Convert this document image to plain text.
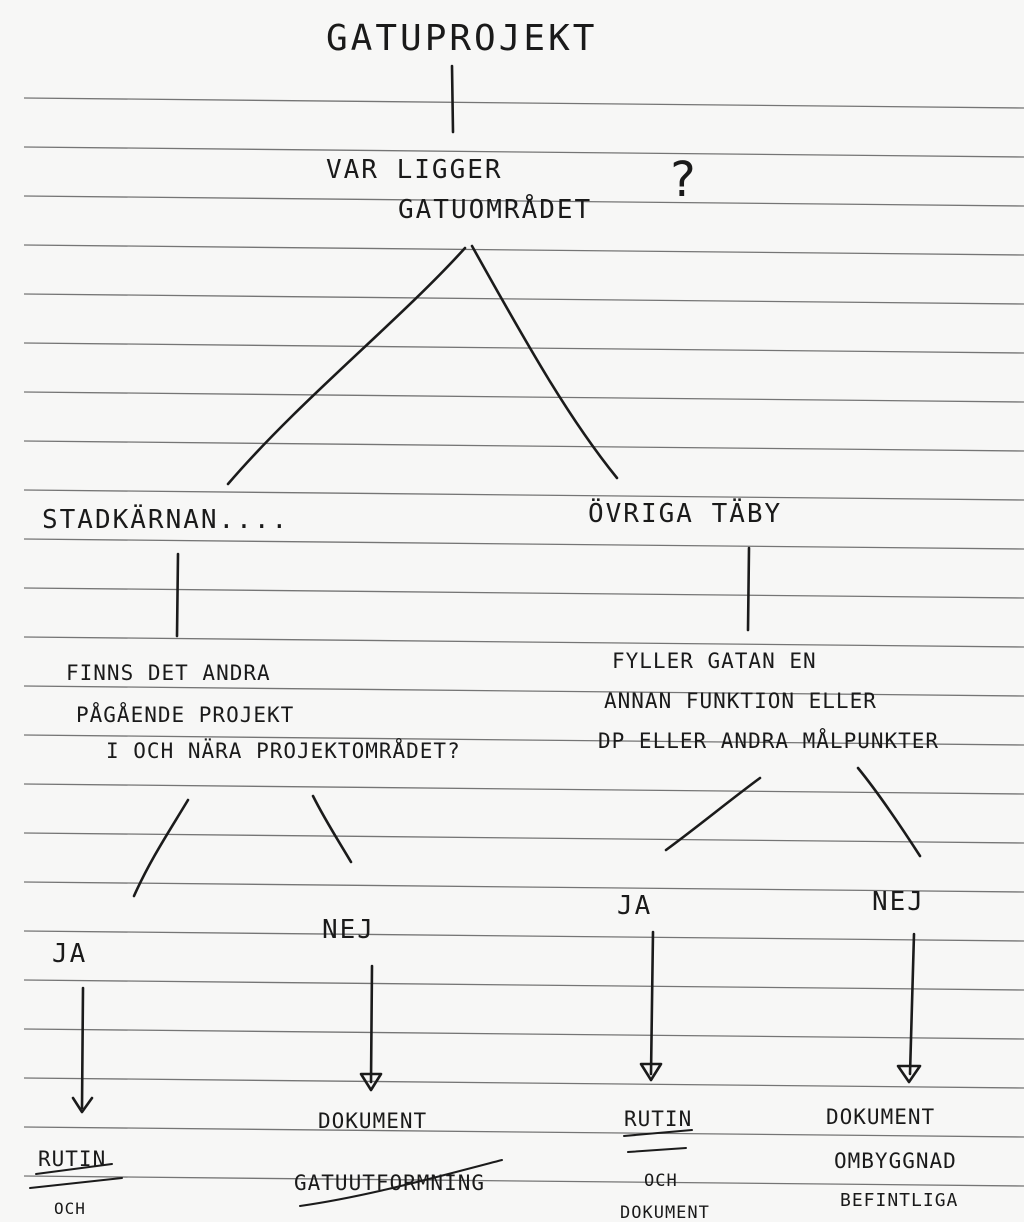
GATUPROJEKT
VAR LIGGER
GATUOMRÅDET
?
STADKÄRNAN....
FINNS DET ANDRA
PÅGÅENDE PROJEKT
I OCH NÄRA PROJEKTOMRÅDET?
JA
NEJ
RUTIN
OCH
DOKUMENT
GATUUTFORMNING
ÖVRIGA TÄBY
FYLLER GATAN EN
ANNAN FUNKTION ELLER
DP ELLER ANDRA MÅLPUNKTER
JA	NEJ
RUTIN
OCH
DOKUMENT
DOKUMENT
OMBYGGNAD
BEFINTLIGA
